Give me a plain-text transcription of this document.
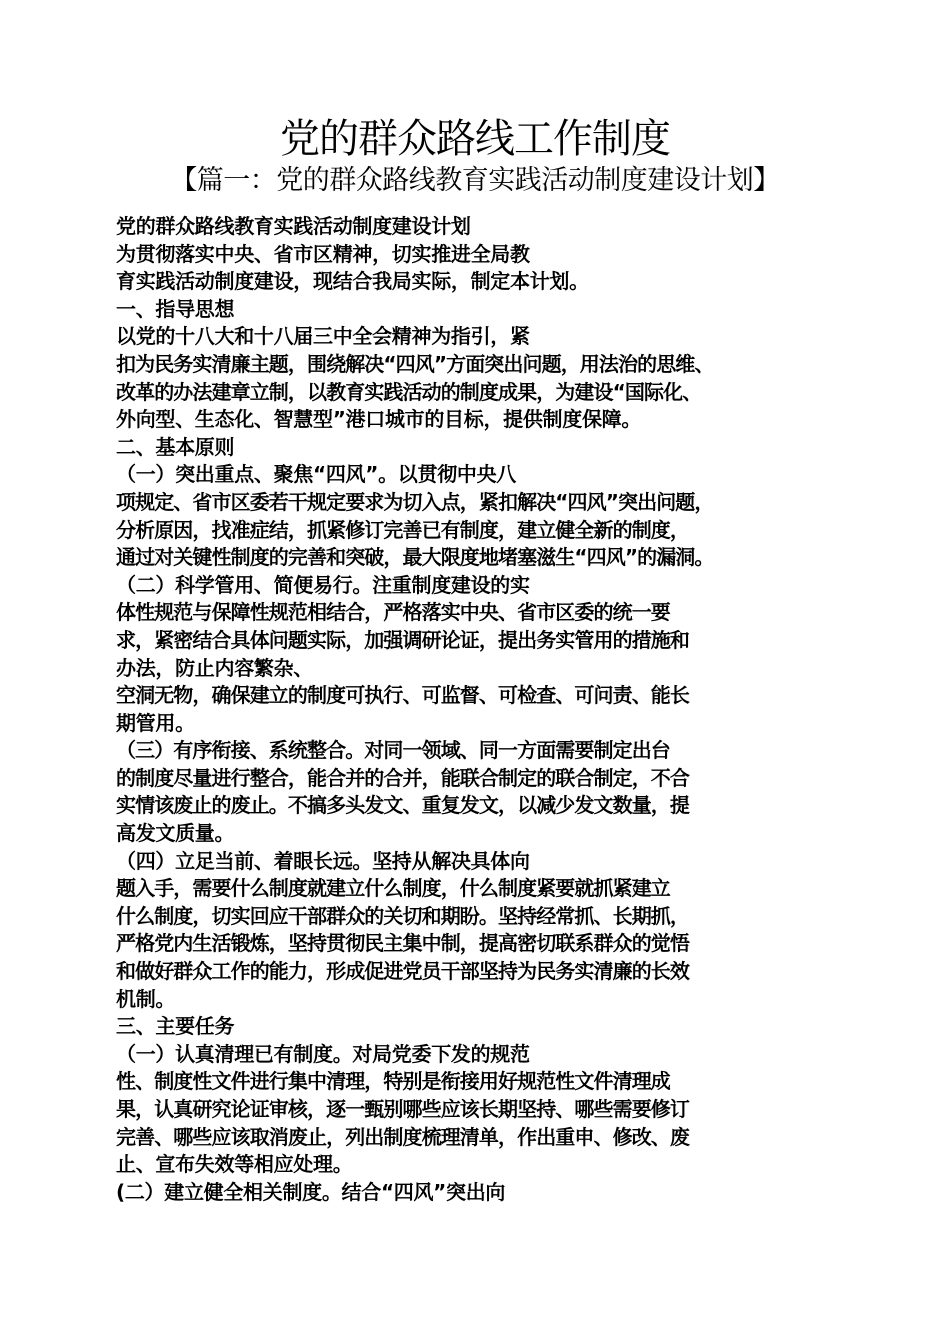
党的群众路线工作制度
【篇一：党的群众路线教育实践活动制度建设计划】
党的群众路线教育实践活动制度建设计划
为贯彻落实中央、省市区精神，切实推进全局教
育实践活动制度建设，现结合我局实际，制定本计划。
一、指导思想
以党的十八大和十八届三中全会精神为指引，紧
扣为民务实清廉主题，围绕解决“四风”方面突出问题，用法治的思维、
改革的办法建章立制，以教育实践活动的制度成果，为建设“国际化、
外向型、生态化、智慧型”港口城市的目标，提供制度保障。
二、基本原则
（一）突出重点、聚焦“四风”。以贯彻中央八
项规定、省市区委若干规定要求为切入点，紧扣解决“四风”突出问题，
分析原因，找准症结，抓紧修订完善已有制度，建立健全新的制度，
通过对关键性制度的完善和突破，最大限度地堵塞滋生“四风”的漏洞。
（二）科学管用、简便易行。注重制度建设的实
体性规范与保障性规范相结合，严格落实中央、省市区委的统一要
求，紧密结合具体问题实际，加强调研论证，提出务实管用的措施和
办法，防止内容繁杂、
空洞无物，确保建立的制度可执行、可监督、可检查、可问责、能长
期管用。
（三）有序衔接、系统整合。对同一领域、同一方面需要制定出台
的制度尽量进行整合，能合并的合并，能联合制定的联合制定，不合
实情该废止的废止。不搞多头发文、重复发文，以减少发文数量，提
高发文质量。
（四）立足当前、着眼长远。坚持从解决具体向
题入手，需要什么制度就建立什么制度，什么制度紧要就抓紧建立
什么制度，切实回应干部群众的关切和期盼。坚持经常抓、长期抓，
严格党内生活锻炼，坚持贯彻民主集中制，提高密切联系群众的觉悟
和做好群众工作的能力，形成促进党员干部坚持为民务实清廉的长效
机制。
三、主要任务
（一）认真清理已有制度。对局党委下发的规范
性、制度性文件进行集中清理，特别是衔接用好规范性文件清理成
果，认真研究论证审核，逐一甄别哪些应该长期坚持、哪些需要修订
完善、哪些应该取消废止，列出制度梳理清单，作出重申、修改、废
止、宣布失效等相应处理。
(二）建立健全相关制度。结合“四风”突出向
